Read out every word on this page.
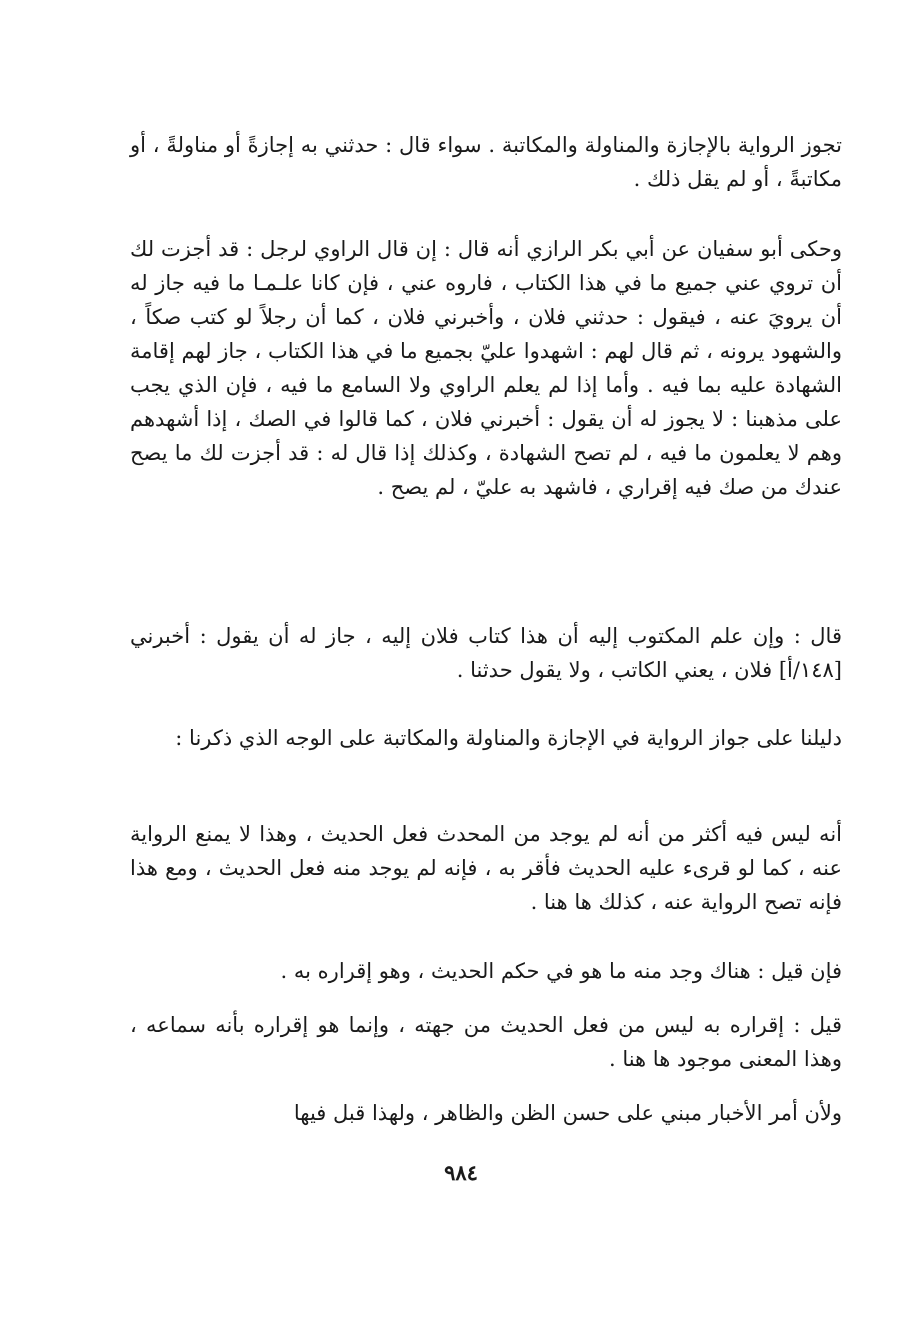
تجوز الرواية بالإجازة والمناولة والمكاتبة . سواء قال : حدثني به إجازةً أو مناولةً ، أو مكاتبةً ، أو لم يقل ذلك .

وحكى أبو سفيان عن أبي بكر الرازي أنه قال : إن قال الراوي لرجل : قد أجزت لك أن تروي عني جميع ما في هذا الكتاب ، فاروه عني ، فإن كانا علـمـا ما فيه جاز له أن يرويَ عنه ، فيقول : حدثني فلان ، وأخبرني فلان ، كما أن رجلاً لو كتب صكاً ، والشهود يرونه ، ثم قال لهم : اشهدوا عليّ بجميع ما في هذا الكتاب ، جاز لهم إقامة الشهادة عليه بما فيه . وأما إذا لم يعلم الراوي ولا السامع ما فيه ، فإن الذي يجب على مذهبنا : لا يجوز له أن يقول : أخبرني فلان ، كما قالوا في الصك ، إذا أشهدهم وهم لا يعلمون ما فيه ، لم تصح الشهادة ، وكذلك إذا قال له : قد أجزت لك ما يصح عندك من صك فيه إقراري ، فاشهد به عليّ ، لم يصح .

قال : وإن علم المكتوب إليه أن هذا كتاب فلان إليه ، جاز له أن يقول : أخبرني [١٤٨/أ] فلان ، يعني الكاتب ، ولا يقول حدثنا .

دليلنا على جواز الرواية في الإجازة والمناولة والمكاتبة على الوجه الذي ذكرنا :

أنه ليس فيه أكثر من أنه لم يوجد من المحدث فعل الحديث ، وهذا لا يمنع الرواية عنه ، كما لو قرىء عليه الحديث فأقر به ، فإنه لم يوجد منه فعل الحديث ، ومع هذا فإنه تصح الرواية عنه ، كذلك ها هنا .

فإن قيل : هناك وجد منه ما هو في حكم الحديث ، وهو إقراره به .

قيل : إقراره به ليس من فعل الحديث من جهته ، وإنما هو إقراره بأنه سماعه ، وهذا المعنى موجود ها هنا .

ولأن أمر الأخبار مبني على حسن الظن والظاهر ، ولهذا قبل فيها

٩٨٤
